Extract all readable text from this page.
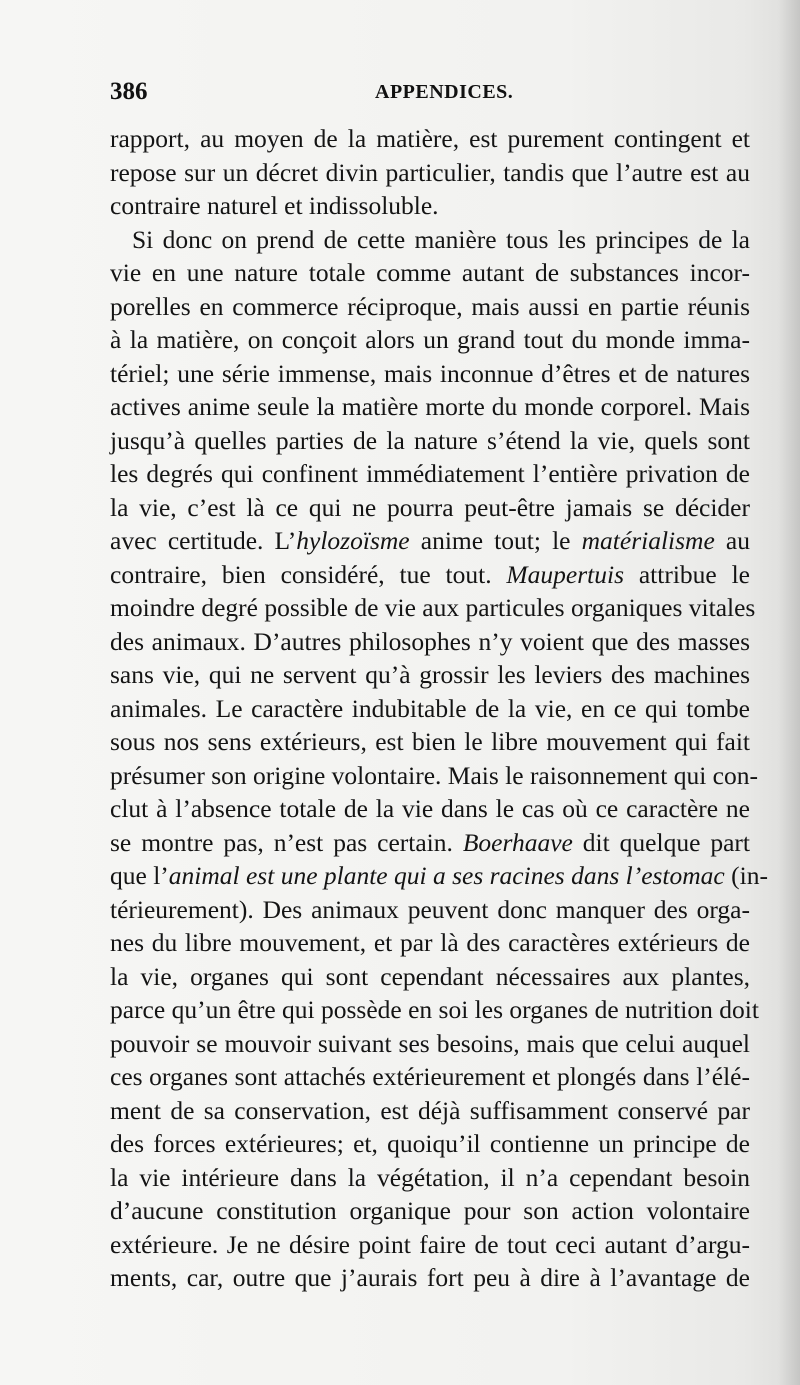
386	APPENDICES.
rapport, au moyen de la matière, est purement contingent et
repose sur un décret divin particulier, tandis que l’autre est au
contraire naturel et indissoluble.
Si donc on prend de cette manière tous les principes de la
vie en une nature totale comme autant de substances incor-
porelles en commerce réciproque, mais aussi en partie réunis
à la matière, on conçoit alors un grand tout du monde imma-
tériel; une série immense, mais inconnue d’êtres et de natures
actives anime seule la matière morte du monde corporel. Mais
jusqu’à quelles parties de la nature s’étend la vie, quels sont
les degrés qui confinent immédiatement l’entière privation de
la vie, c’est là ce qui ne pourra peut-être jamais se décider
avec certitude. L’hylozoïsme anime tout; le matérialisme au
contraire, bien considéré, tue tout. Maupertuis attribue le
moindre degré possible de vie aux particules organiques vitales
des animaux. D’autres philosophes n’y voient que des masses
sans vie, qui ne servent qu’à grossir les leviers des machines
animales. Le caractère indubitable de la vie, en ce qui tombe
sous nos sens extérieurs, est bien le libre mouvement qui fait
présumer son origine volontaire. Mais le raisonnement qui con-
clut à l’absence totale de la vie dans le cas où ce caractère ne
se montre pas, n’est pas certain. Boerhaave dit quelque part
que l’animal est une plante qui a ses racines dans l’estomac (in-
térieurement). Des animaux peuvent donc manquer des orga-
nes du libre mouvement, et par là des caractères extérieurs de
la vie, organes qui sont cependant nécessaires aux plantes,
parce qu’un être qui possède en soi les organes de nutrition doit
pouvoir se mouvoir suivant ses besoins, mais que celui auquel
ces organes sont attachés extérieurement et plongés dans l’élé-
ment de sa conservation, est déjà suffisamment conservé par
des forces extérieures; et, quoiqu’il contienne un principe de
la vie intérieure dans la végétation, il n’a cependant besoin
d’aucune constitution organique pour son action volontaire
extérieure. Je ne désire point faire de tout ceci autant d’argu-
ments, car, outre que j’aurais fort peu à dire à l’avantage de
